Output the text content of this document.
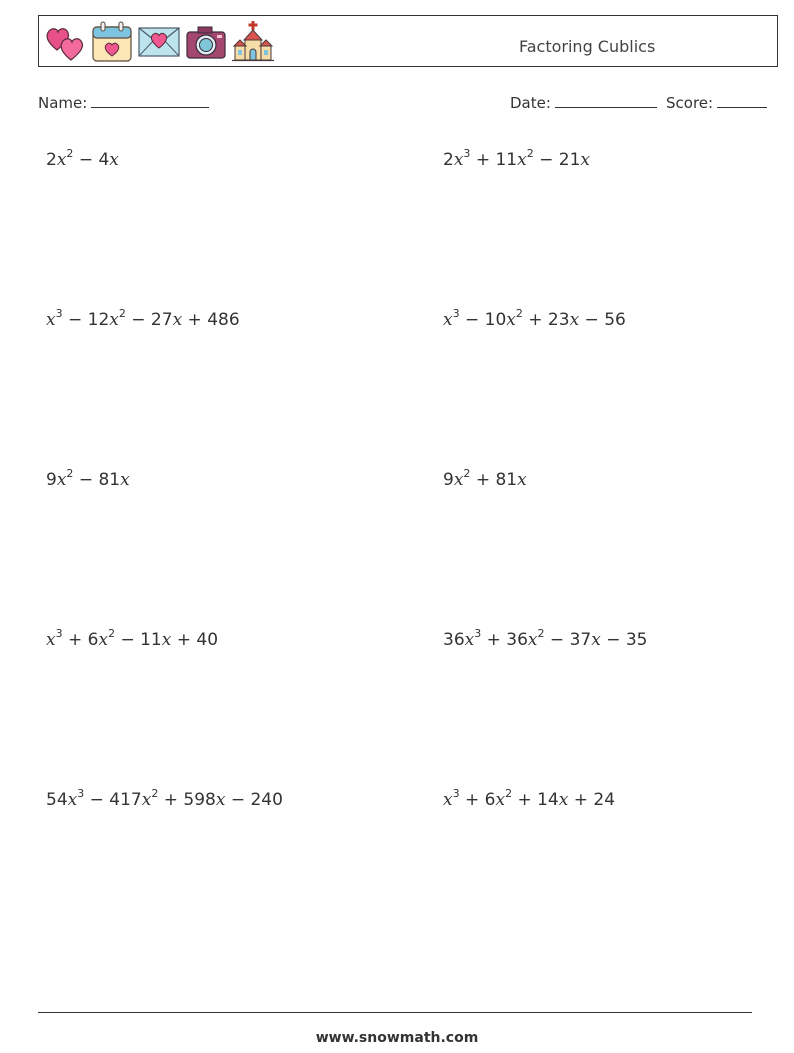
Factoring Cublics
Name:	Date:	Score:
$2x^2 - 4x$	$2x^3 + 11x^2 - 21x$
$x^3 - 12x^2 - 27x + 486$	$x^3 - 10x^2 + 23x - 56$
$9x^2 - 81x$	$9x^2 + 81x$
$x^3 + 6x^2 - 11x + 40$	$36x^3 + 36x^2 - 37x - 35$
$54x^3 - 417x^2 + 598x - 240$	$x^3 + 6x^2 + 14x + 24$
www.snowmath.com
